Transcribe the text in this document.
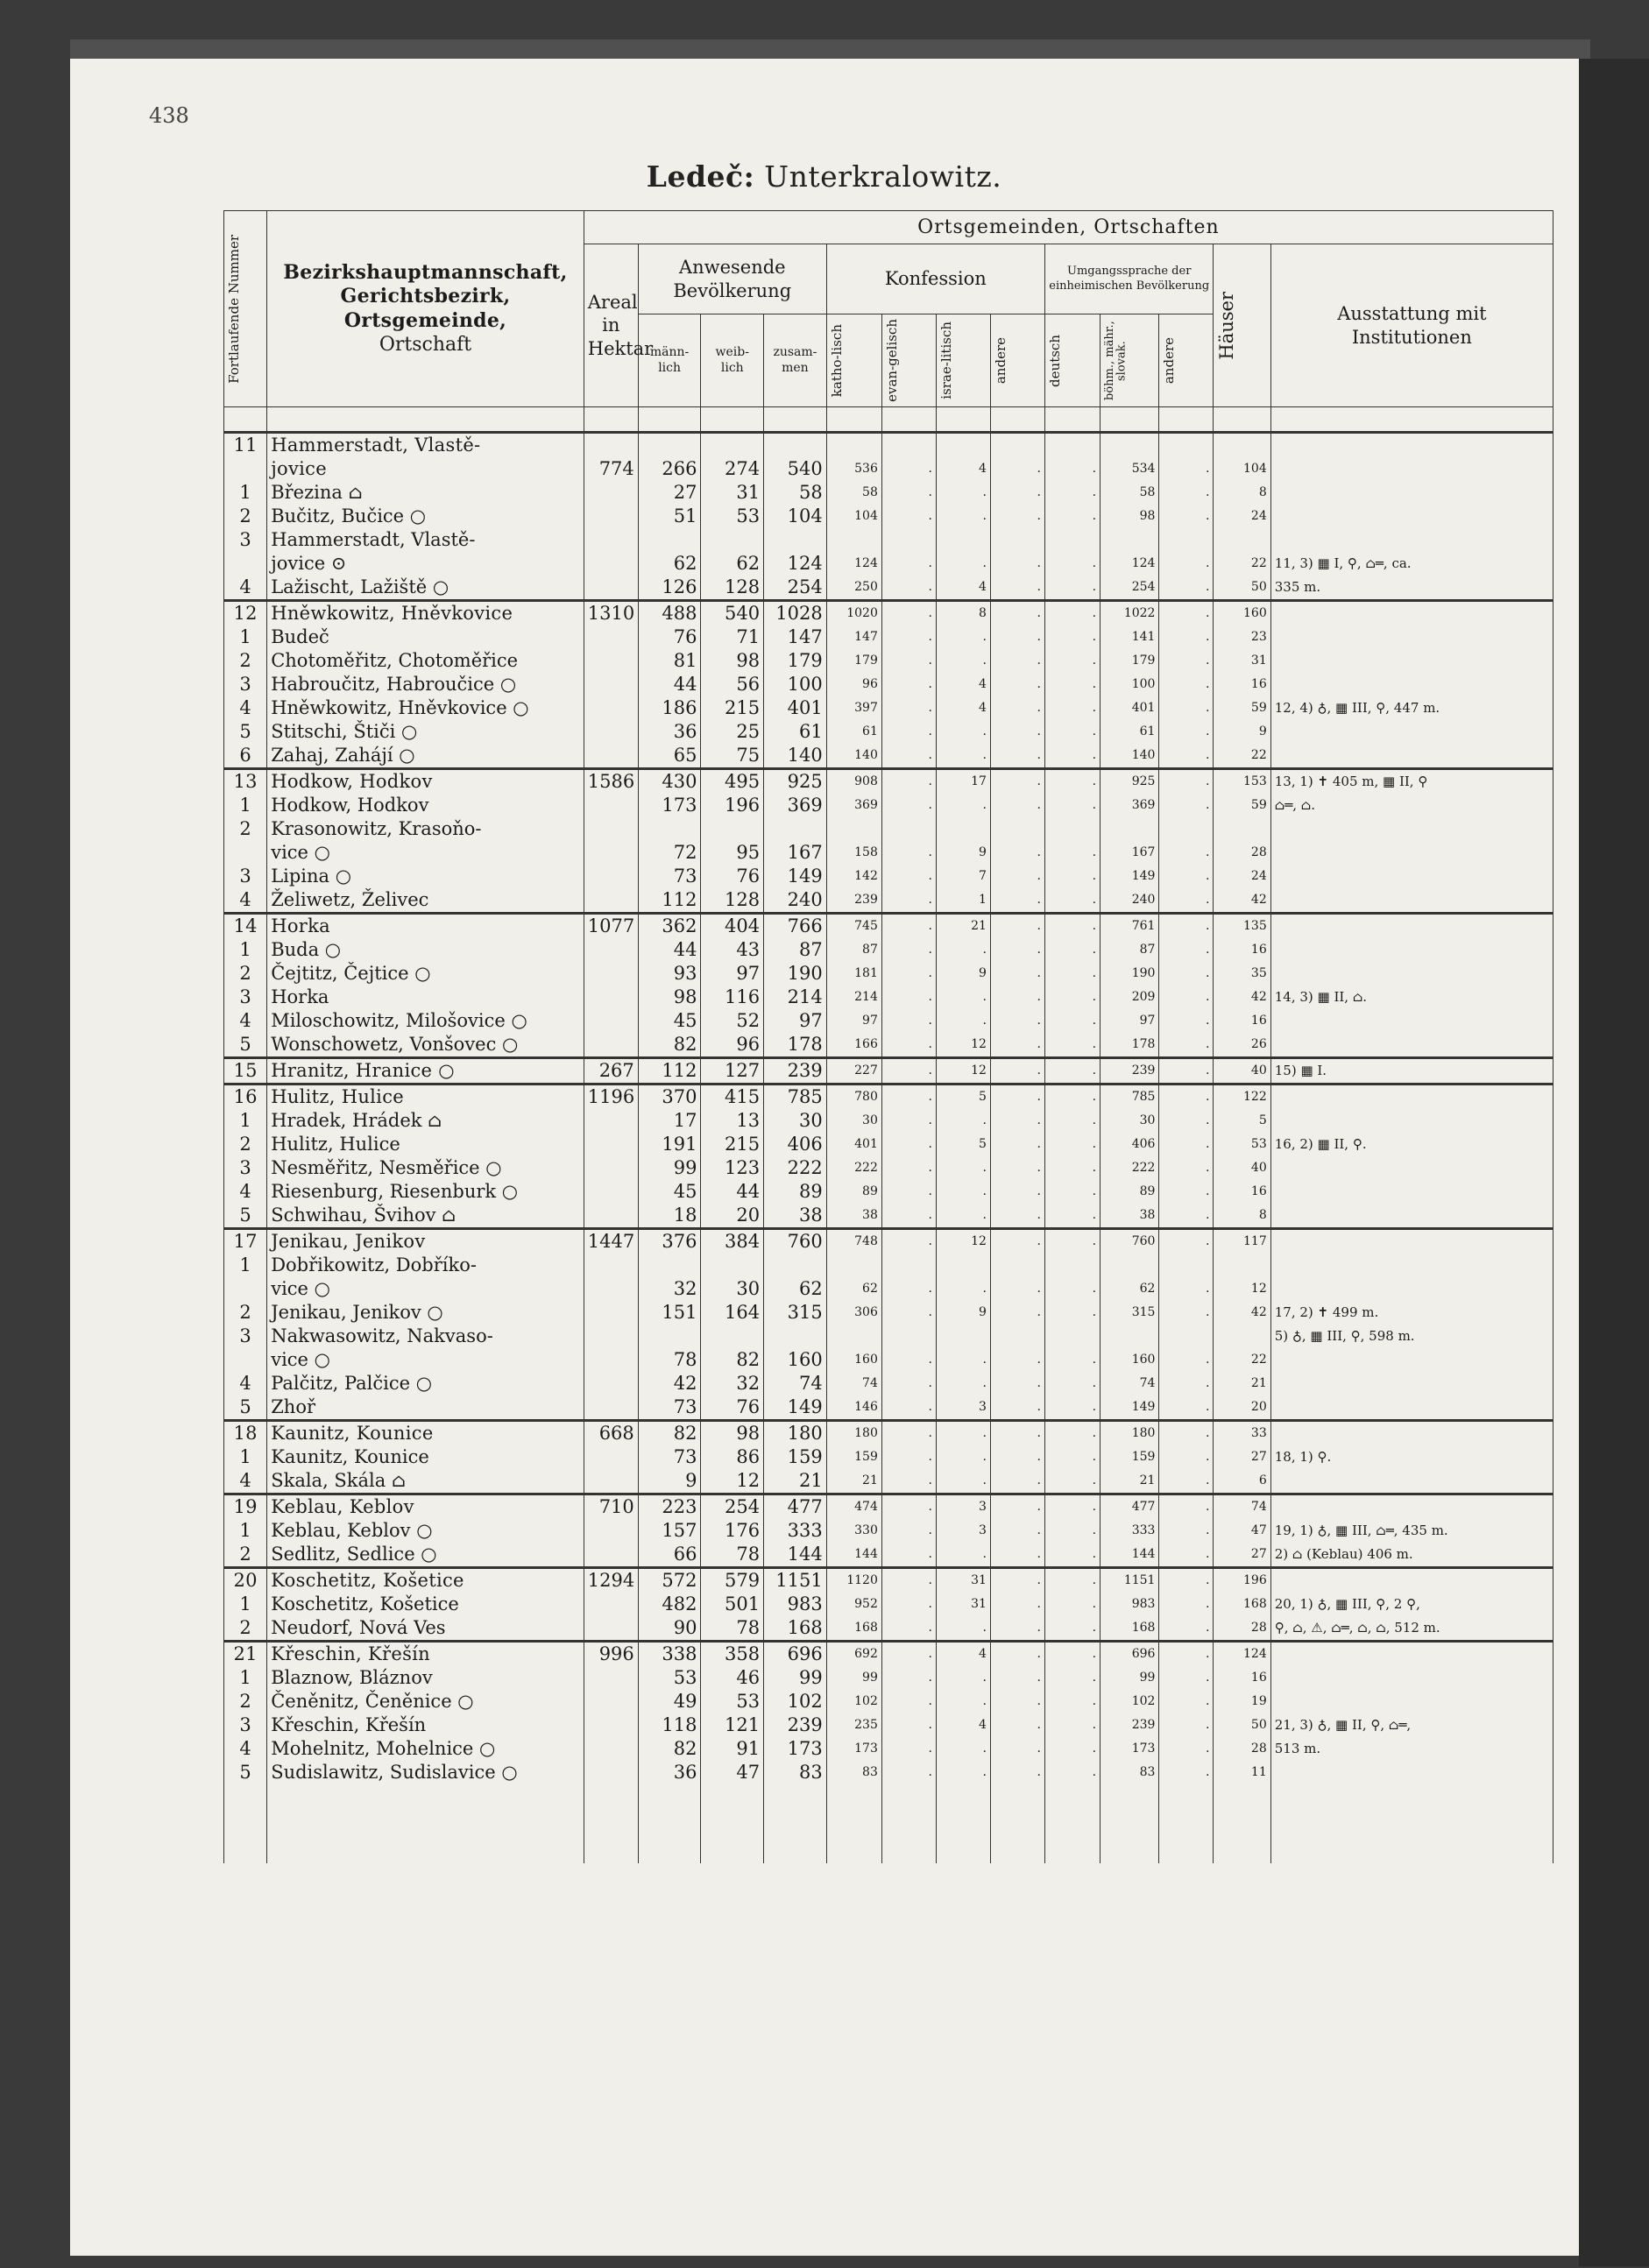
438
Ledeč: Unterkralowitz.
Fortlaufende Nummer	Bezirkshauptmannschaft,
Gerichtsbezirk,
Ortsgemeinde,
Ortschaft	Ortsgemeinden, Ortschaften												
		Areal in Hektar	Anwesende Bevölkerung			Konfession				Umgangssprache der einheimischen Bevölkerung			Häuser	Ausstattung mit Institutionen
			männ-lich	weib-lich	zusam-men	katho-lisch	evan-gelisch	israe-litisch	andere	deutsch	böhm., mähr., slovak.	andere		

11	Hammerstadt, Vlastě-													
	jovice	774	266	274	540	536	.	4	.	.	534	.	104	
1	Březina ⌂		27	31	58	58	.	.	.	.	58	.	8	
2	Bučitz, Bučice ○		51	53	104	104	.	.	.	.	98	.	24	
3	Hammerstadt, Vlastě-													
	jovice ⊙		62	62	124	124	.	.	.	.	124	.	22	11, 3) ▦ I, ⚲, ⌂═, ca.
4	Lažischt, Lažiště ○		126	128	254	250	.	4	.	.	254	.	50	335 m.
12	Hněwkowitz, Hněvkovice	1310	488	540	1028	1020	.	8	.	.	1022	.	160	
1	Budeč		76	71	147	147	.	.	.	.	141	.	23	
2	Chotoměřitz, Chotoměřice		81	98	179	179	.	.	.	.	179	.	31	
3	Habroučitz, Habroučice ○		44	56	100	96	.	4	.	.	100	.	16	
4	Hněwkowitz, Hněvkovice ○		186	215	401	397	.	4	.	.	401	.	59	12, 4) ♁, ▦ III, ⚲, 447 m.
5	Stitschi, Štiči ○		36	25	61	61	.	.	.	.	61	.	9	
6	Zahaj, Zahájí ○		65	75	140	140	.	.	.	.	140	.	22	
13	Hodkow, Hodkov	1586	430	495	925	908	.	17	.	.	925	.	153	13, 1) ✝ 405 m, ▦ II, ⚲
1	Hodkow, Hodkov		173	196	369	369	.	.	.	.	369	.	59	⌂═, ⌂.
2	Krasonowitz, Krasoňo-													
	vice ○		72	95	167	158	.	9	.	.	167	.	28	
3	Lipina ○		73	76	149	142	.	7	.	.	149	.	24	
4	Želiwetz, Želivec		112	128	240	239	.	1	.	.	240	.	42	
14	Horka	1077	362	404	766	745	.	21	.	.	761	.	135	
1	Buda ○		44	43	87	87	.	.	.	.	87	.	16	
2	Čejtitz, Čejtice ○		93	97	190	181	.	9	.	.	190	.	35	
3	Horka		98	116	214	214	.	.	.	.	209	.	42	14, 3) ▦ II, ⌂.
4	Miloschowitz, Milošovice ○		45	52	97	97	.	.	.	.	97	.	16	
5	Wonschowetz, Vonšovec ○		82	96	178	166	.	12	.	.	178	.	26	
15	Hranitz, Hranice ○	267	112	127	239	227	.	12	.	.	239	.	40	15) ▦ I.
16	Hulitz, Hulice	1196	370	415	785	780	.	5	.	.	785	.	122	
1	Hradek, Hrádek ⌂		17	13	30	30	.	.	.	.	30	.	5	
2	Hulitz, Hulice		191	215	406	401	.	5	.	.	406	.	53	16, 2) ▦ II, ⚲.
3	Nesměřitz, Nesměřice ○		99	123	222	222	.	.	.	.	222	.	40	
4	Riesenburg, Riesenburk ○		45	44	89	89	.	.	.	.	89	.	16	
5	Schwihau, Švihov ⌂		18	20	38	38	.	.	.	.	38	.	8	
17	Jenikau, Jenikov	1447	376	384	760	748	.	12	.	.	760	.	117	
1	Dobřikowitz, Dobříko-													
	vice ○		32	30	62	62	.	.	.	.	62	.	12	
2	Jenikau, Jenikov ○		151	164	315	306	.	9	.	.	315	.	42	17, 2) ✝ 499 m.
3	Nakwasowitz, Nakvaso-													5) ♁, ▦ III, ⚲, 598 m.
	vice ○		78	82	160	160	.	.	.	.	160	.	22	
4	Palčitz, Palčice ○		42	32	74	74	.	.	.	.	74	.	21	
5	Zhoř		73	76	149	146	.	3	.	.	149	.	20	
18	Kaunitz, Kounice	668	82	98	180	180	.	.	.	.	180	.	33	
1	Kaunitz, Kounice		73	86	159	159	.	.	.	.	159	.	27	18, 1) ⚲.
4	Skala, Skála ⌂		9	12	21	21	.	.	.	.	21	.	6	
19	Keblau, Keblov	710	223	254	477	474	.	3	.	.	477	.	74	
1	Keblau, Keblov ○		157	176	333	330	.	3	.	.	333	.	47	19, 1) ♁, ▦ III, ⌂═, 435 m.
2	Sedlitz, Sedlice ○		66	78	144	144	.	.	.	.	144	.	27	2) ⌂ (Keblau) 406 m.
20	Koschetitz, Košetice	1294	572	579	1151	1120	.	31	.	.	1151	.	196	
1	Koschetitz, Košetice		482	501	983	952	.	31	.	.	983	.	168	20, 1) ♁, ▦ III, ⚲, 2 ⚲,
2	Neudorf, Nová Ves		90	78	168	168	.	.	.	.	168	.	28	⚲, ⌂, ⚠, ⌂═, ⌂, ⌂, 512 m.
21	Křeschin, Křešín	996	338	358	696	692	.	4	.	.	696	.	124	
1	Blaznow, Bláznov		53	46	99	99	.	.	.	.	99	.	16	
2	Čeněnitz, Čeněnice ○		49	53	102	102	.	.	.	.	102	.	19	
3	Křeschin, Křešín		118	121	239	235	.	4	.	.	239	.	50	21, 3) ♁, ▦ II, ⚲, ⌂═,
4	Mohelnitz, Mohelnice ○		82	91	173	173	.	.	.	.	173	.	28	513 m.
5	Sudislawitz, Sudislavice ○		36	47	83	83	.	.	.	.	83	.	11	
